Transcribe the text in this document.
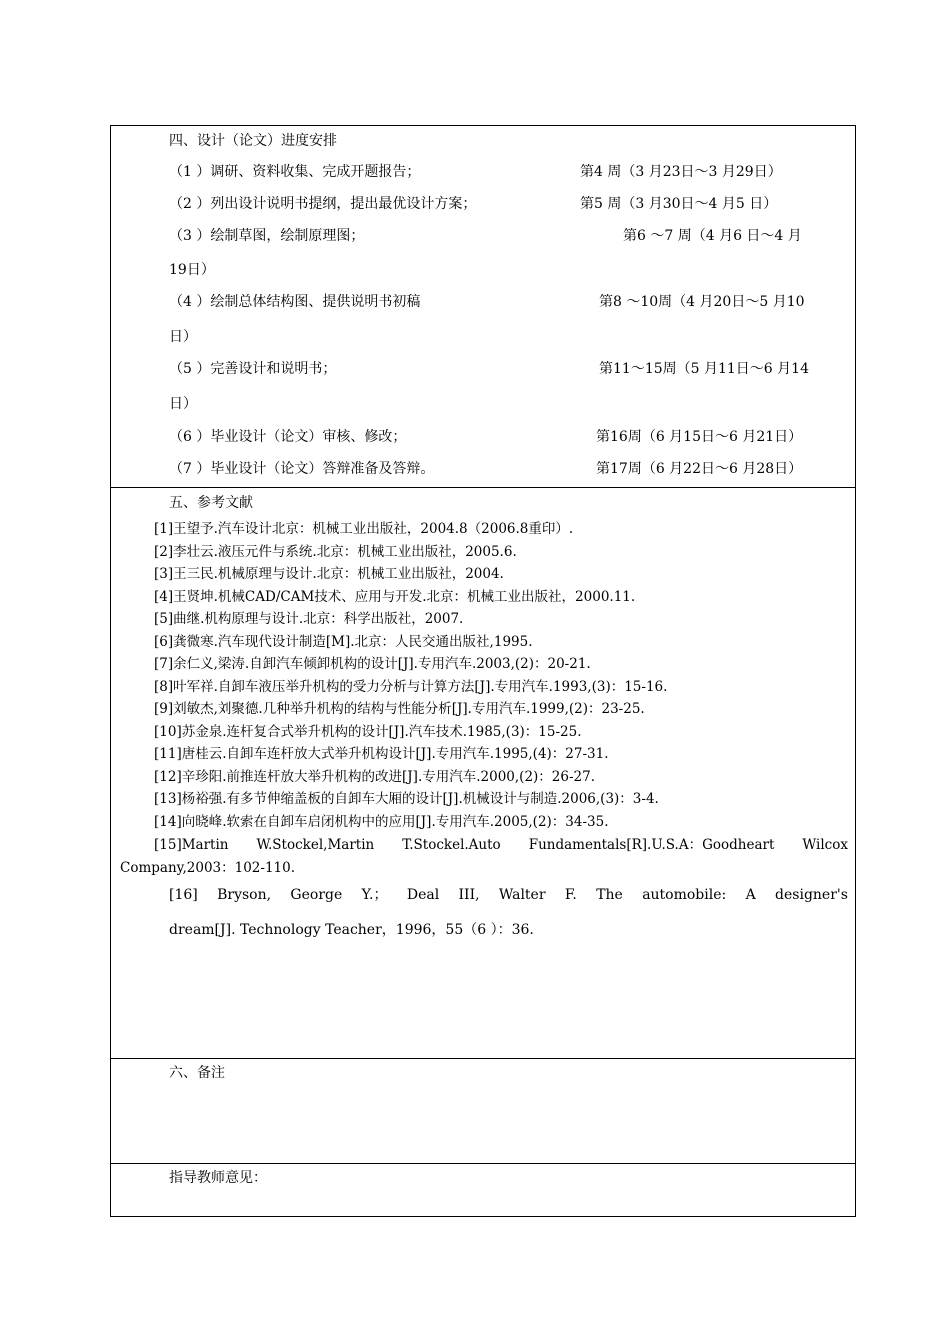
四、设计（论文）进度安排
（1 ）调研、资料收集、完成开题报告；	第4 周（3 月23日～3 月29日）
（2 ）列出设计说明书提纲，提出最优设计方案；	第5 周（3 月30日～4 月5 日）
（3 ）绘制草图，绘制原理图；	第6 ～7 周（4 月6 日～4 月
19日）
（4 ）绘制总体结构图、提供说明书初稿	第8 ～10周（4 月20日～5 月10
日）
（5 ）完善设计和说明书；	第11～15周（5 月11日～6 月14
日）
（6 ）毕业设计（论文）审核、修改；	第16周（6 月15日～6 月21日）
（7 ）毕业设计（论文）答辩准备及答辩。	第17周（6 月22日～6 月28日）
五、参考文献
[1]王望予.汽车设计北京：机械工业出版社，2004.8（2006.8重印）.
[2]李壮云.液压元件与系统.北京：机械工业出版社，2005.6.
[3]王三民.机械原理与设计.北京：机械工业出版社，2004.
[4]王贤坤.机械CAD/CAM技术、应用与开发.北京：机械工业出版社，2000.11.
[5]曲继.机构原理与设计.北京：科学出版社，2007.
[6]龚微寒.汽车现代设计制造[M].北京：人民交通出版社,1995.
[7]余仁义,梁涛.自卸汽车倾卸机构的设计[J].专用汽车.2003,(2)：20-21.
[8]叶军祥.自卸车液压举升机构的受力分析与计算方法[J].专用汽车.1993,(3)：15-16.
[9]刘敏杰,刘聚德.几种举升机构的结构与性能分析[J].专用汽车.1999,(2)：23-25.
[10]苏金泉.连杆复合式举升机构的设计[J].汽车技术.1985,(3)：15-25.
[11]唐桂云.自卸车连杆放大式举升机构设计[J].专用汽车.1995,(4)：27-31.
[12]辛珍阳.前推连杆放大举升机构的改进[J].专用汽车.2000,(2)：26-27.
[13]杨裕强.有多节伸缩盖板的自卸车大厢的设计[J].机械设计与制造.2006,(3)：3-4.
[14]向晓峰.软索在自卸车启闭机构中的应用[J].专用汽车.2005,(2)：34-35.
[15]Martin W.Stockel,Martin T.Stockel.Auto Fundamentals[R].U.S.A：Goodheart Wilcox
Company,2003：102-110.
[16] Bryson, George Y.； Deal III, Walter F. The automobile: A designer's
dream[J]. Technology Teacher，1996，55（6 ）：36.
六、备注
指导教师意见：
